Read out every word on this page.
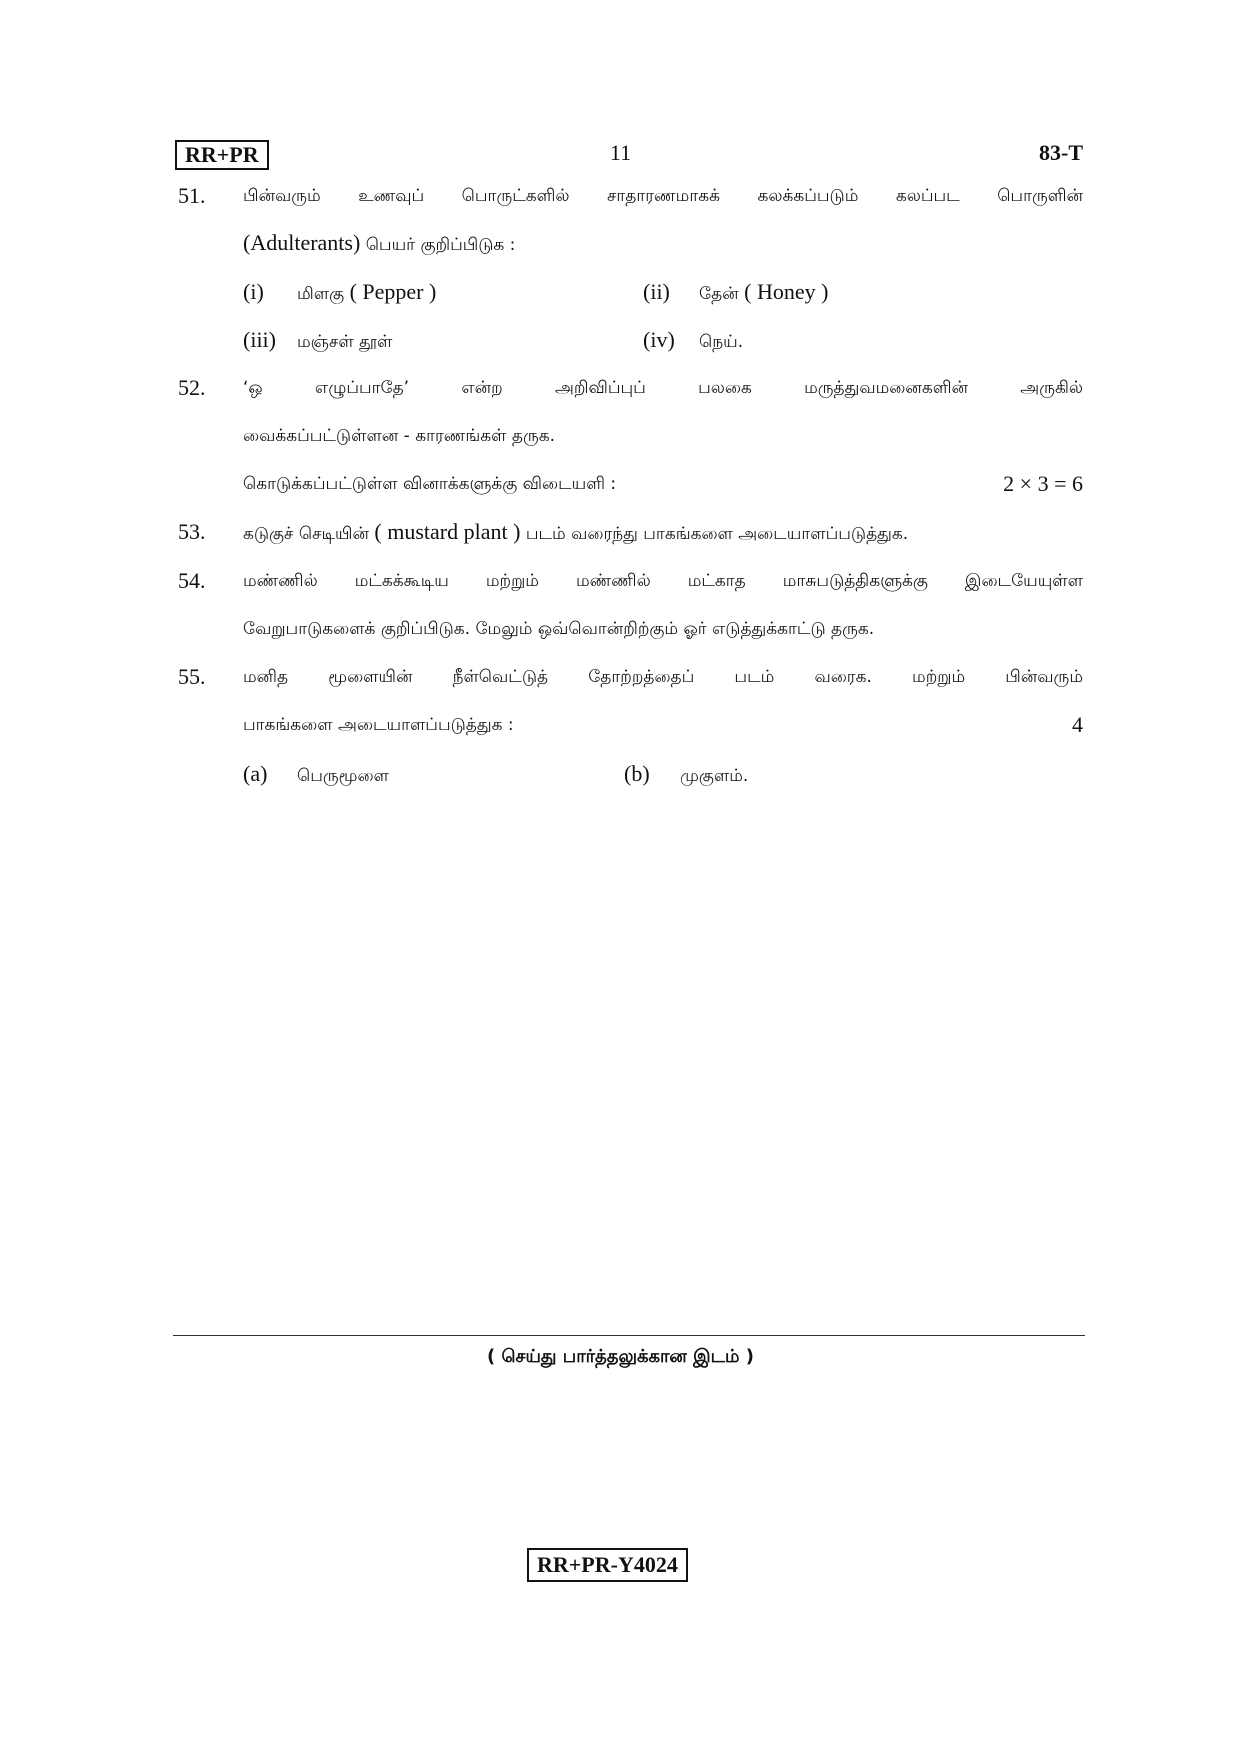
RR+PR	11	83-T
51. பின்வரும் உணவுப் பொருட்களில் சாதாரணமாகக் கலக்கப்படும் கலப்பட பொருளின்
(Adulterants) பெயர் குறிப்பிடுக :
(i) மிளகு ( Pepper )	(ii) தேன் ( Honey )
(iii) மஞ்சள் தூள்	(iv) நெய்.
52. ‘ஒ எழுப்பாதே’ என்ற அறிவிப்புப் பலகை மருத்துவமனைகளின் அருகில்
வைக்கப்பட்டுள்ளன - காரணங்கள் தருக.
கொடுக்கப்பட்டுள்ள வினாக்களுக்கு விடையளி :	2 × 3 = 6
53. கடுகுச் செடியின் ( mustard plant ) படம் வரைந்து பாகங்களை அடையாளப்படுத்துக.
54. மண்ணில் மட்கக்கூடிய மற்றும் மண்ணில் மட்காத மாசுபடுத்திகளுக்கு இடையேயுள்ள
வேறுபாடுகளைக் குறிப்பிடுக. மேலும் ஒவ்வொன்றிற்கும் ஓர் எடுத்துக்காட்டு தருக.
55. மனித மூளையின் நீள்வெட்டுத் தோற்றத்தைப் படம் வரைக. மற்றும் பின்வரும்
பாகங்களை அடையாளப்படுத்துக :	4
(a) பெருமூளை	(b) முகுளம்.
( செய்து பார்த்தலுக்கான இடம் )
RR+PR-Y4024
